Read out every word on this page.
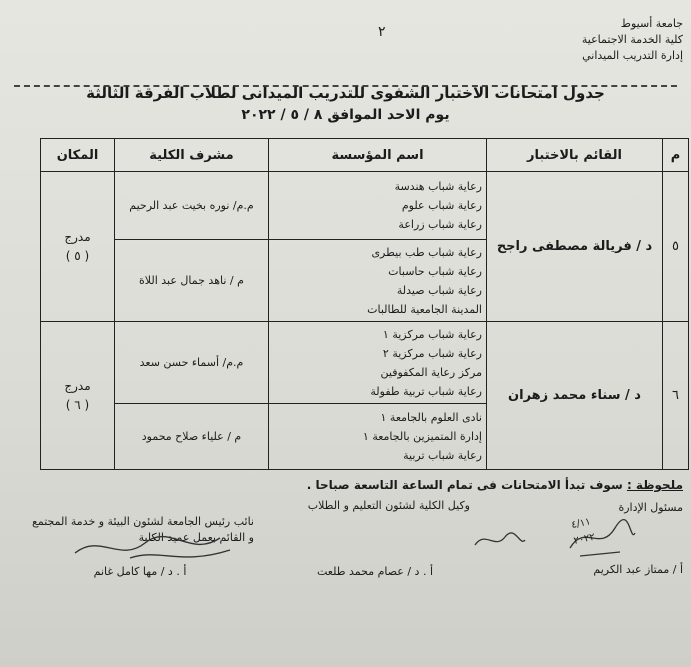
جامعة أسيوط
كلية الخدمة الاجتماعية
إدارة التدريب الميداني
٢
جدول امتحانات الاختبار الشفوى للتدريب الميدانى لطلاب الفرقة الثالثة
يوم الاحد الموافق ٨ / ٥ / ٢٠٢٢
م	القائم بالاختبار	اسم المؤسسة	مشرف الكلية	المكان
٥	د / فريالة مصطفى راجح	رعاية شباب هندسة
رعاية شباب علوم
رعاية شباب زراعة	م.م/ نوره بخيت عبد الرحيم	مدرج
( ٥ )
		رعاية شباب طب بيطرى
رعاية شباب حاسبات
رعاية شباب صيدلة
المدينة الجامعية للطالبات	م / ناهد جمال عبد اللاة	
٦	د / سناء محمد زهران	رعاية شباب مركزية ١
رعاية شباب مركزية ٢
مركز رعاية المكفوفين
رعاية شباب تربية طفولة	م.م/ أسماء حسن سعد	مدرج
( ٦ )
		نادى العلوم بالجامعة ١
إدارة المتميزين بالجامعة ١
رعاية شباب تربية	م / علياء صلاح محمود	
ملحوظة : سوف تبدأ الامتحانات فى تمام الساعة التاسعة صباحا .
مسئول الإدارة
أ / ممتاز عبد الكريم
وكيل الكلية لشئون التعليم و الطلاب
أ . د / عصام محمد طلعت

نائب رئيس الجامعة لشئون البيئة و خدمة المجتمع
و القائم بعمل عميد الكلية

أ . د / مها كامل غانم
٤/١١
٢٠٢٢
